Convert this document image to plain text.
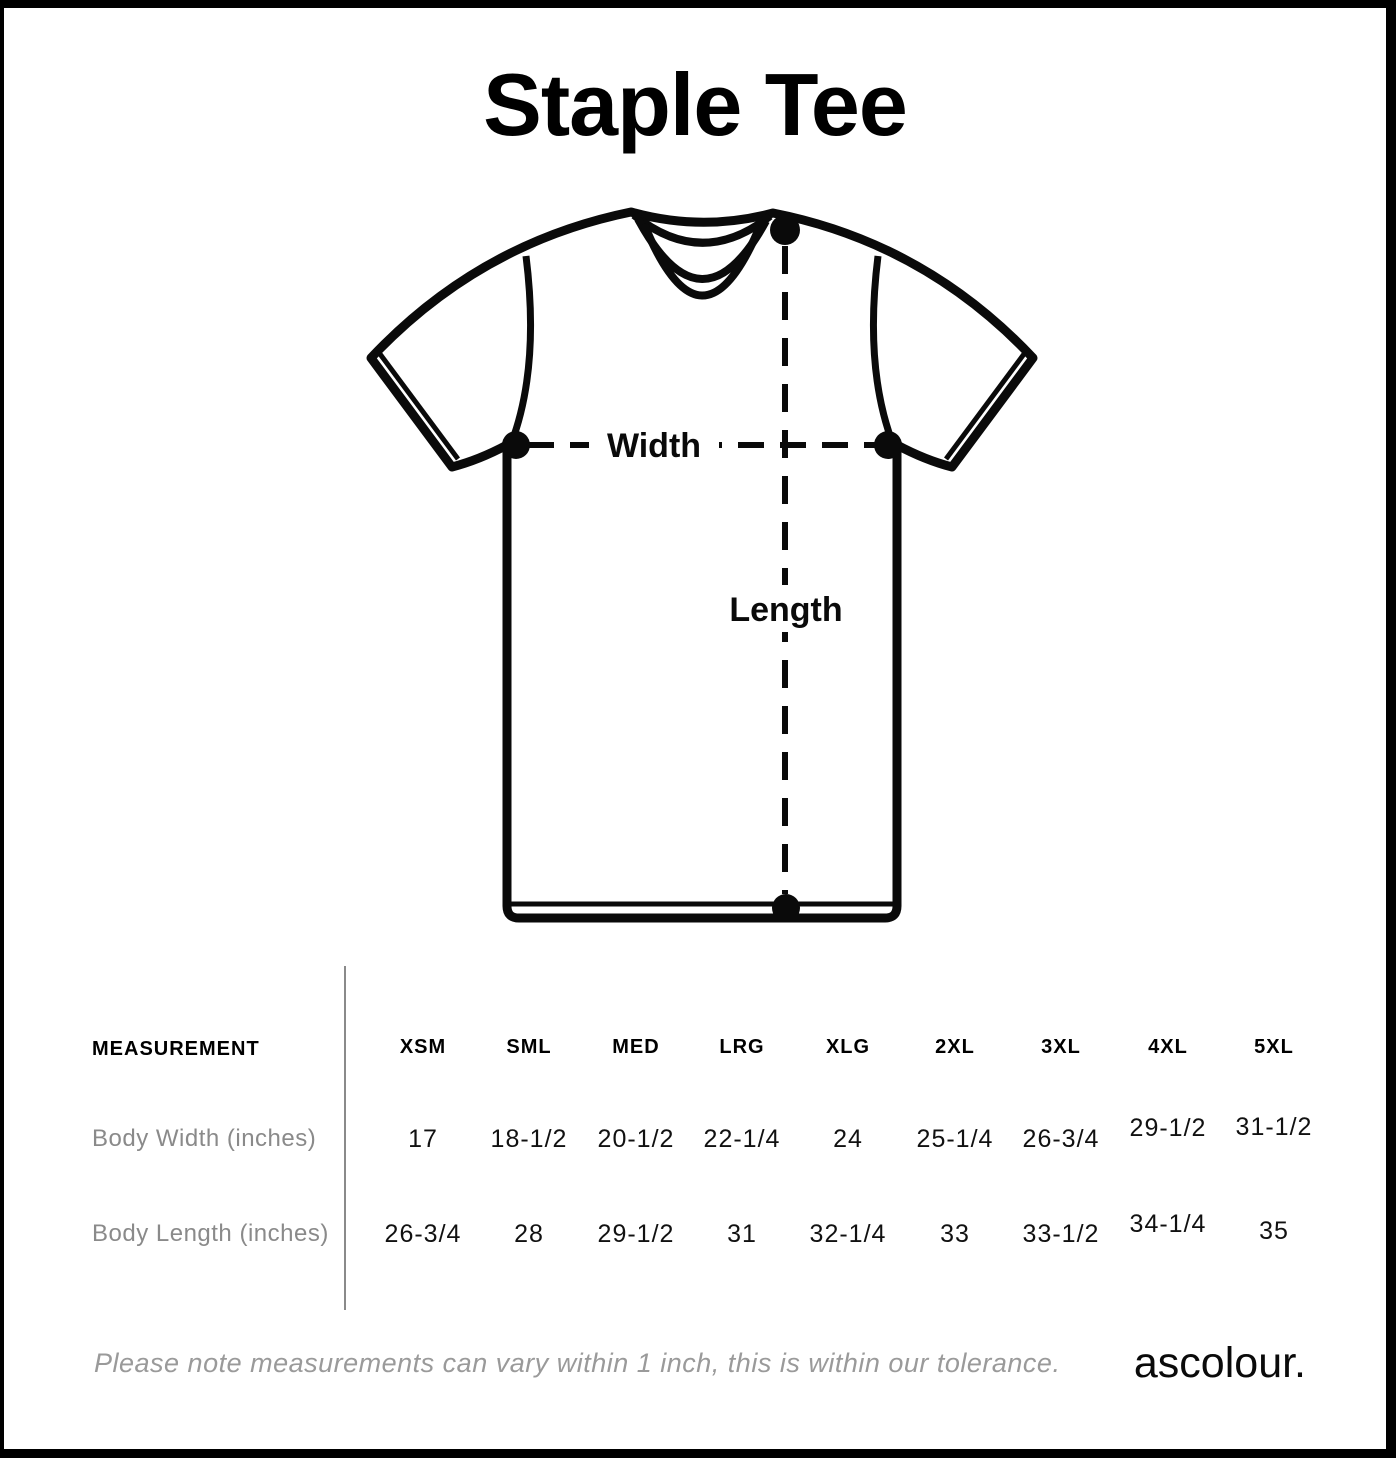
Staple Tee
Width
Length
MEASUREMENT	XSM	SML	MED	LRG	XLG	2XL	3XL	4XL	5XL
Body Width (inches)	17	18-1/2	20-1/2	22-1/4	24	25-1/4	26-3/4	29-1/2	31-1/2
Body Length (inches)	26-3/4	28	29-1/2	31	32-1/4	33	33-1/2	34-1/4	35
Please note measurements can vary within 1 inch, this is within our tolerance. ascolour.
